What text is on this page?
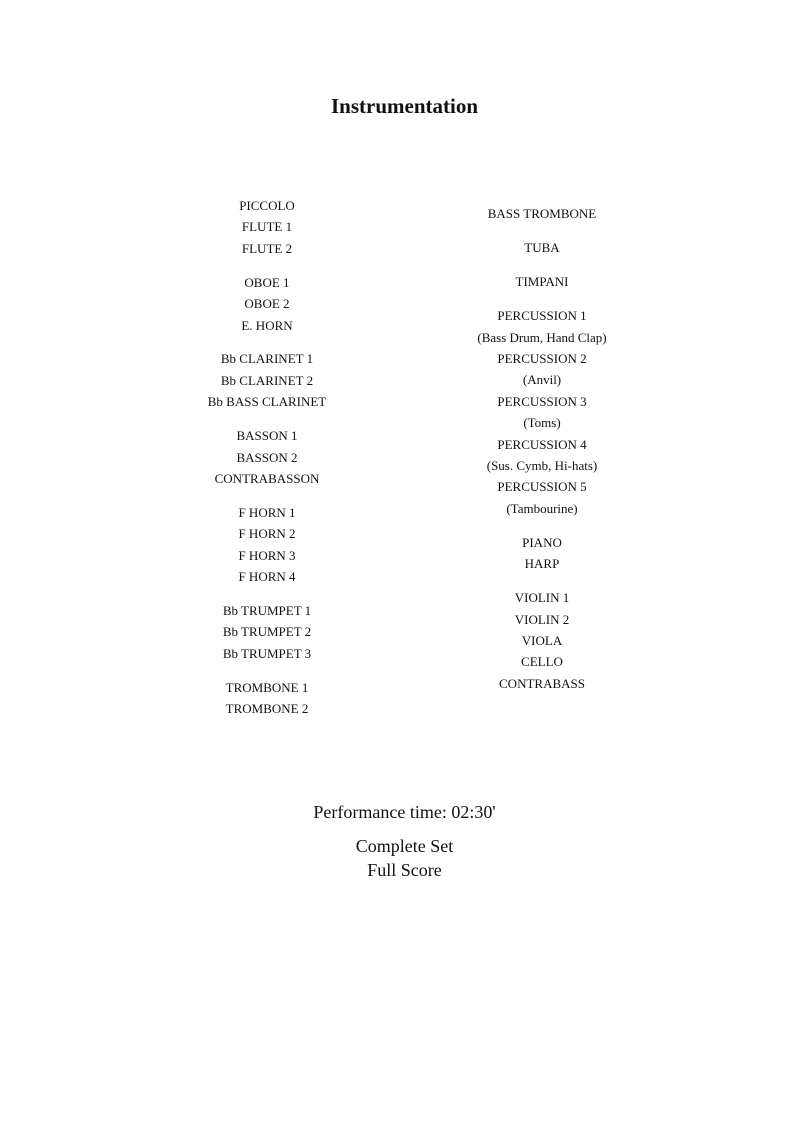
Instrumentation
PICCOLO
FLUTE 1
FLUTE 2
OBOE 1
OBOE 2
E. HORN
Bb CLARINET 1
Bb CLARINET 2
Bb BASS CLARINET
BASSON 1
BASSON 2
CONTRABASSON
F HORN 1
F HORN 2
F HORN 3
F HORN 4
Bb TRUMPET 1
Bb TRUMPET 2
Bb TRUMPET 3
TROMBONE 1
TROMBONE 2
BASS TROMBONE
TUBA
TIMPANI
PERCUSSION 1
(Bass Drum, Hand Clap)
PERCUSSION 2
(Anvil)
PERCUSSION 3
(Toms)
PERCUSSION 4
(Sus. Cymb, Hi-hats)
PERCUSSION 5
(Tambourine)
PIANO
HARP
VIOLIN 1
VIOLIN 2
VIOLA
CELLO
CONTRABASS
Performance time: 02:30'
Complete Set
Full Score
